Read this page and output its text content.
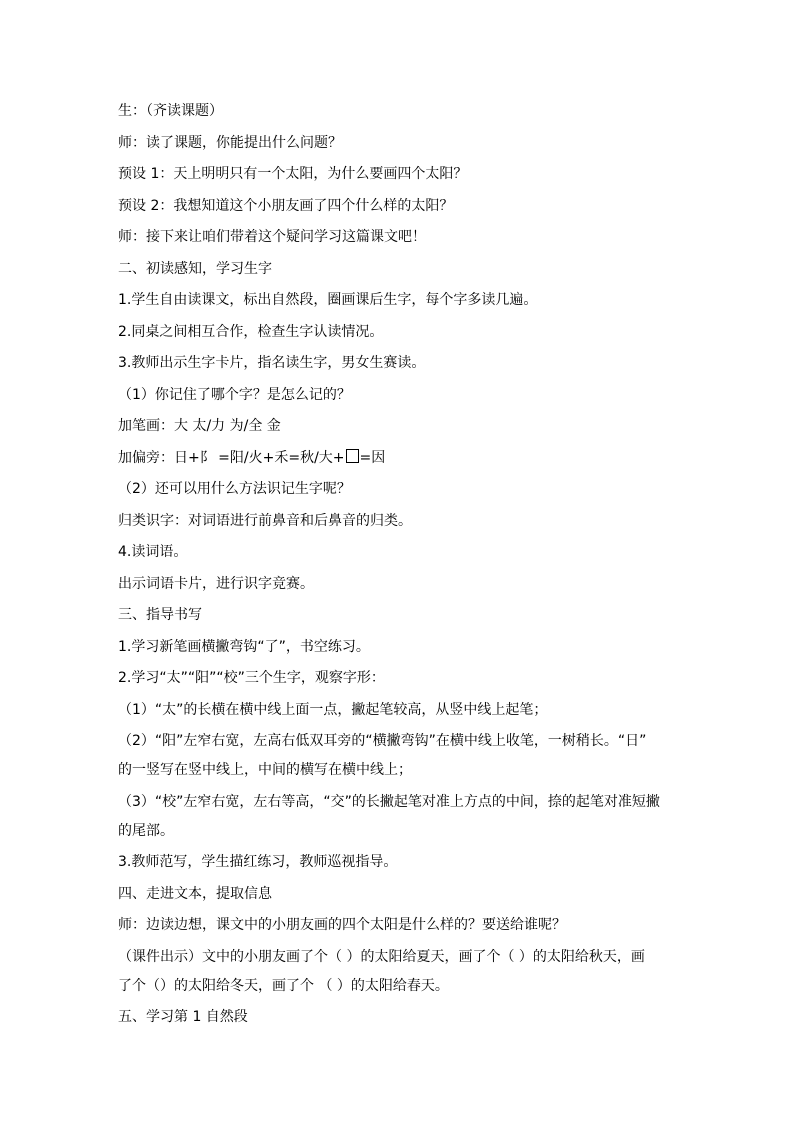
生：（齐读课题）
师：读了课题，你能提出什么问题？
预设 1：天上明明只有一个太阳，为什么要画四个太阳？
预设 2：我想知道这个小朋友画了四个什么样的太阳？
师：接下来让咱们带着这个疑问学习这篇课文吧！
二、初读感知，学习生字
1.学生自由读课文，标出自然段，圈画课后生字，每个字多读几遍。
2.同桌之间相互合作，检查生字认读情况。
3.教师出示生字卡片，指名读生字，男女生赛读。
（1）你记住了哪个字？是怎么记的？
加笔画：大 太/力 为/全 金
加偏旁：日+阝 =阳/火+禾=秋/大+ =因
（2）还可以用什么方法识记生字呢？
归类识字：对词语进行前鼻音和后鼻音的归类。
4.读词语。
出示词语卡片，进行识字竞赛。
三、指导书写
1.学习新笔画横撇弯钩“了”，书空练习。
2.学习“太”“阳”“校”三个生字，观察字形：
（1）“太”的长横在横中线上面一点，撇起笔较高，从竖中线上起笔；
（2）“阳”左窄右宽，左高右低双耳旁的“横撇弯钩”在横中线上收笔，一树稍长。“日”
的一竖写在竖中线上，中间的横写在横中线上；
（3）“校”左窄右宽，左右等高，“交”的长撇起笔对准上方点的中间，捺的起笔对准短撇
的尾部。
3.教师范写，学生描红练习，教师巡视指导。
四、走进文本，提取信息
师：边读边想，课文中的小朋友画的四个太阳是什么样的？要送给谁呢？
（课件出示）文中的小朋友画了个（ ）的太阳给夏天，画了个（ ）的太阳给秋天，画
了个（）的太阳给冬天，画了个 （ ）的太阳给春天。
五、学习第 1 自然段
